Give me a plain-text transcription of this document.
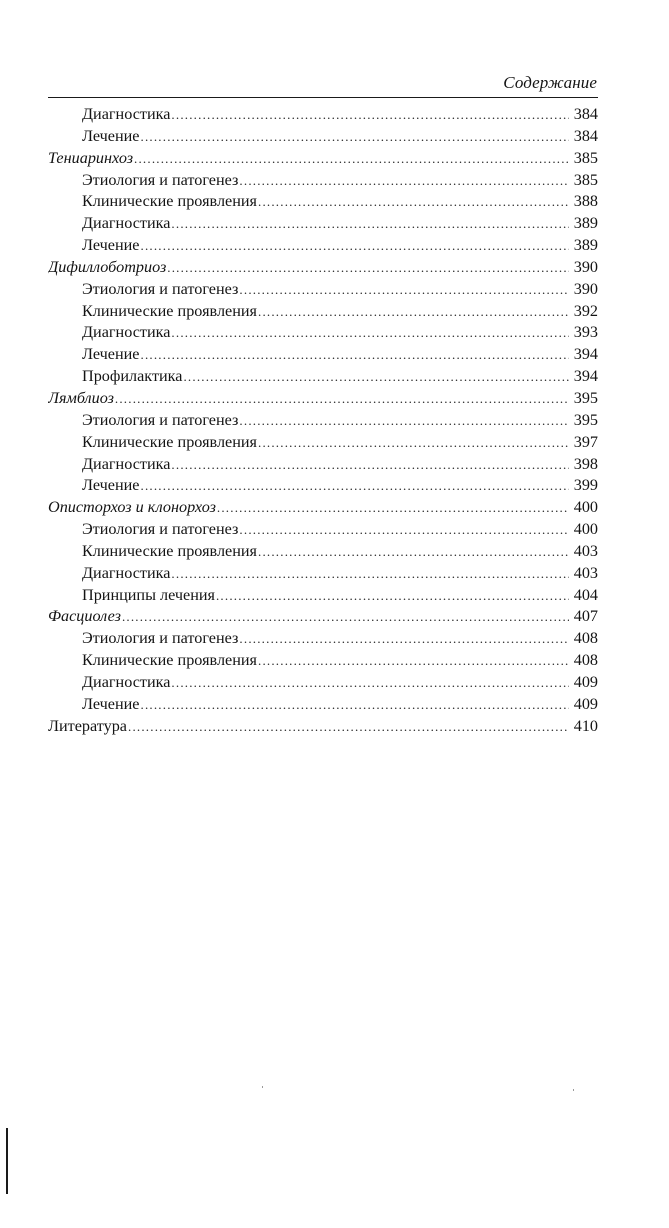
Содержание
Диагностика .....	384
Лечение .....	384
Тениаринхоз .....	385
Этиология и патогенез .....	385
Клинические проявления .....	388
Диагностика .....	389
Лечение .....	389
Дифиллоботриоз .....	390
Этиология и патогенез .....	390
Клинические проявления .....	392
Диагностика .....	393
Лечение .....	394
Профилактика .....	394
Лямблиоз .....	395
Этиология и патогенез .....	395
Клинические проявления .....	397
Диагностика .....	398
Лечение .....	399
Описторхоз и клонорхоз .....	400
Этиология и патогенез .....	400
Клинические проявления .....	403
Диагностика .....	403
Принципы лечения .....	404
Фасциолез .....	407
Этиология и патогенез .....	408
Клинические проявления .....	408
Диагностика .....	409
Лечение .....	409
Литература .....	410
